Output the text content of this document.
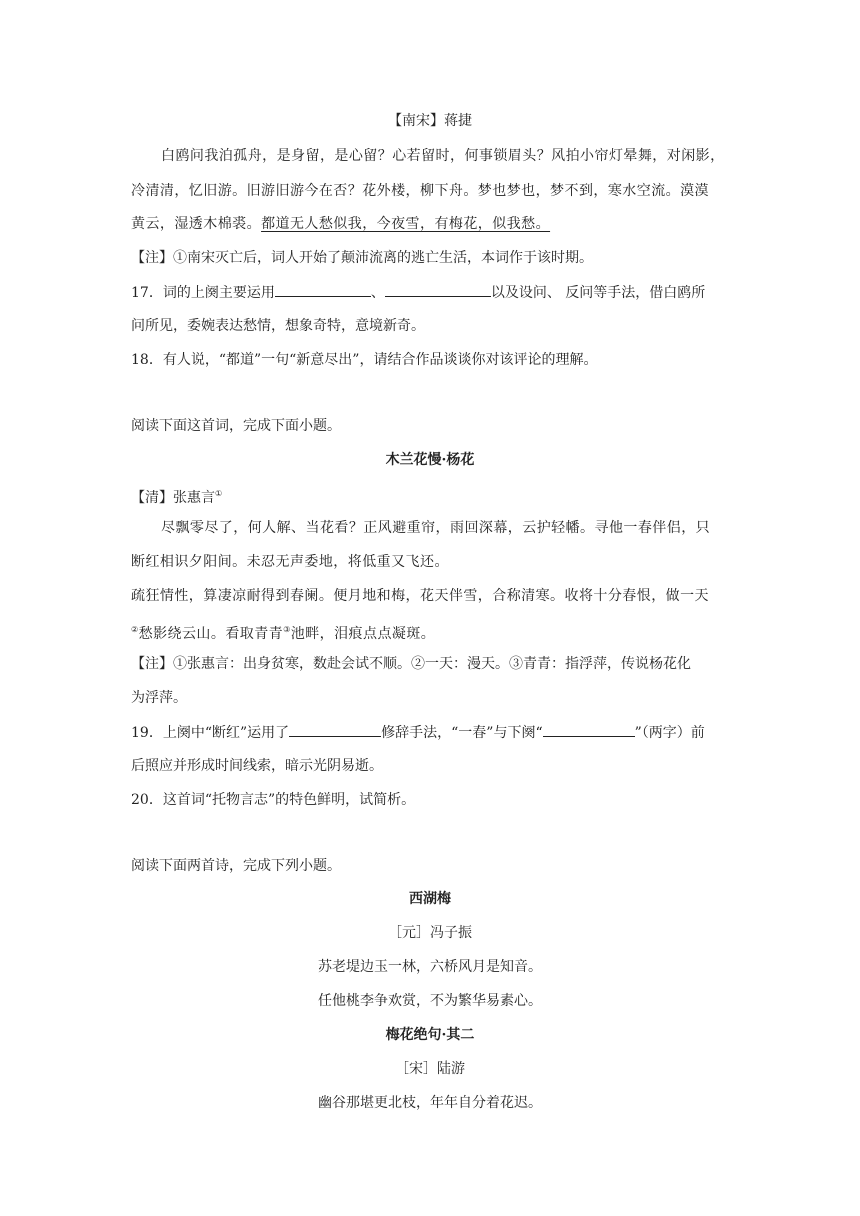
【南宋】蒋捷
白鸥问我泊孤舟，是身留，是心留？心若留时，何事锁眉头？风拍小帘灯晕舞，对闲影，
冷清清，忆旧游。旧游旧游今在否？花外楼，柳下舟。梦也梦也，梦不到，寒水空流。漠漠
黄云，湿透木棉裘。都道无人愁似我，今夜雪，有梅花，似我愁。
【注】①南宋灭亡后，词人开始了颠沛流离的逃亡生活，本词作于该时期。
17．词的上阕主要运用	、	以及设问、 反问等手法，借白鸥所
问所见，委婉表达愁情，想象奇特，意境新奇。
18．有人说，“都道”一句“新意尽出”，请结合作品谈谈你对该评论的理解。
阅读下面这首词，完成下面小题。
木兰花慢·杨花
【清】张惠言①
尽飘零尽了，何人解、当花看？正风避重帘，雨回深幕，云护轻幡。寻他一春伴侣，只
断红相识夕阳间。未忍无声委地，将低重又飞还。
疏狂情性，算凄凉耐得到春阑。便月地和梅，花天伴雪，合称清寒。收将十分春恨，做一天
②愁影绕云山。看取青青③池畔，泪痕点点凝斑。
【注】①张惠言：出身贫寒，数赴会试不顺。②一天：漫天。③青青：指浮萍，传说杨花化
为浮萍。
19．上阕中“断红”运用了	修辞手法，“一春”与下阕“	”（两字）前
后照应并形成时间线索，暗示光阴易逝。
20．这首词“托物言志”的特色鲜明，试简析。
阅读下面两首诗，完成下列小题。
西湖梅
［元］冯子振
苏老堤边玉一林，六桥风月是知音。
任他桃李争欢赏，不为繁华易素心。
梅花绝句·其二
［宋］陆游
幽谷那堪更北枝，年年自分着花迟。
